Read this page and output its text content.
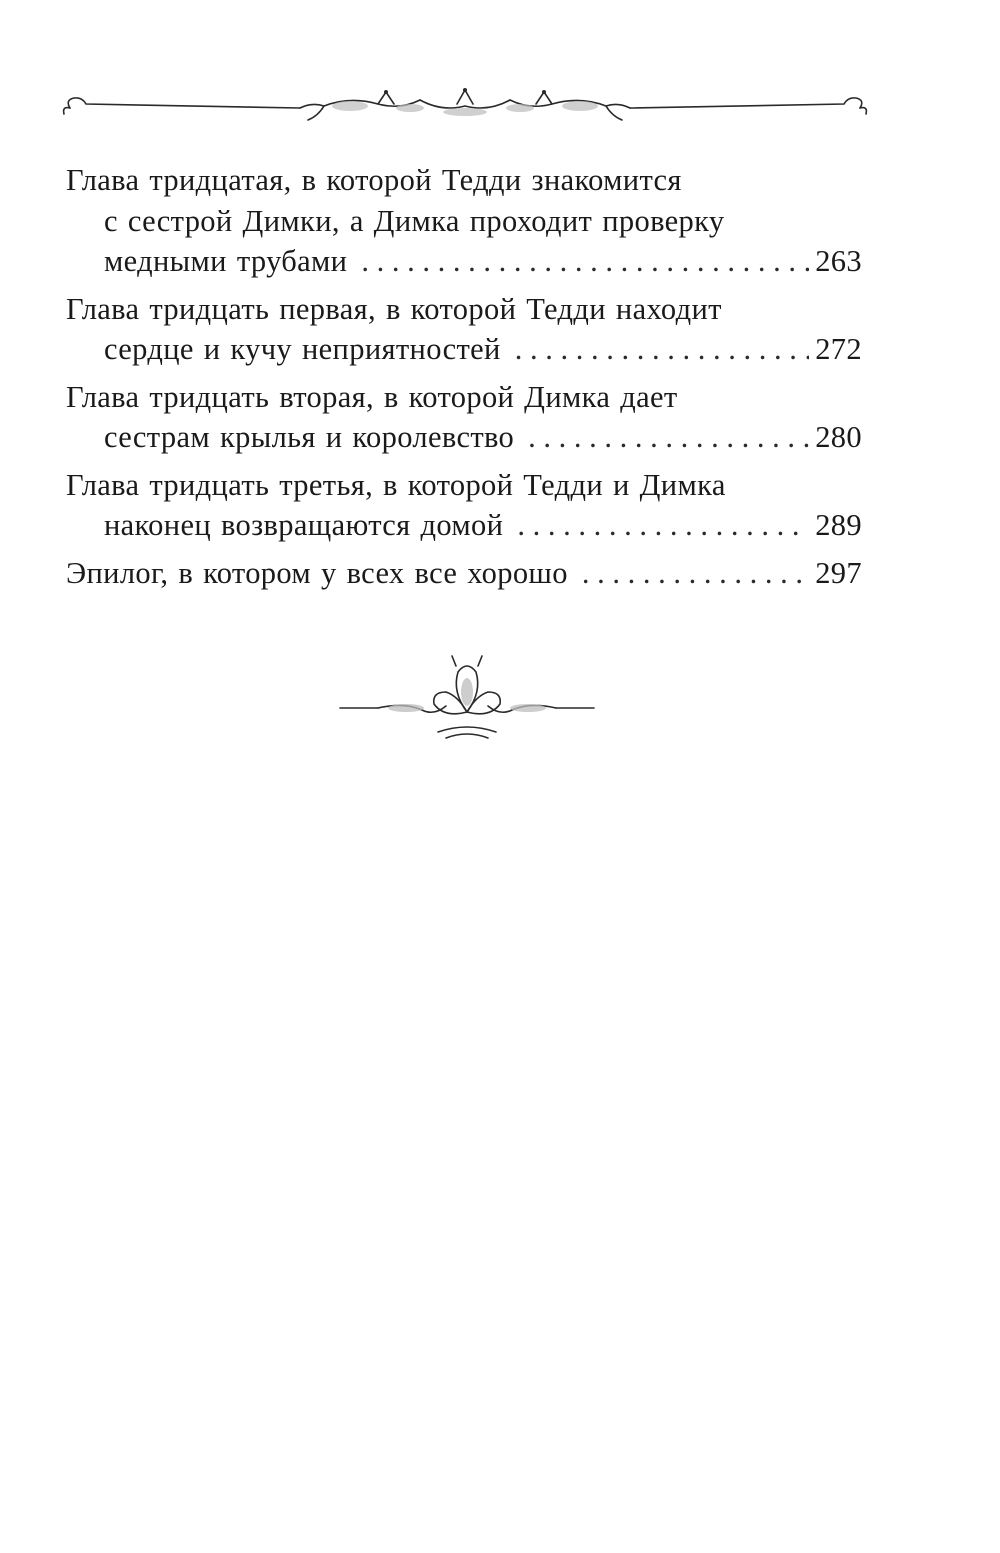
Глава тридцатая, в которой Тедди знакомится
с сестрой Димки, а Димка проходит проверку
медными трубами . . .	263
Глава тридцать первая, в которой Тедди находит
сердце и кучу неприятностей . . .	272
Глава тридцать вторая, в которой Димка дает
сестрам крылья и королевство . . .	280
Глава тридцать третья, в которой Тедди и Димка
наконец возвращаются домой . . .	289
Эпилог, в котором у всех все хорошо . . .	297
